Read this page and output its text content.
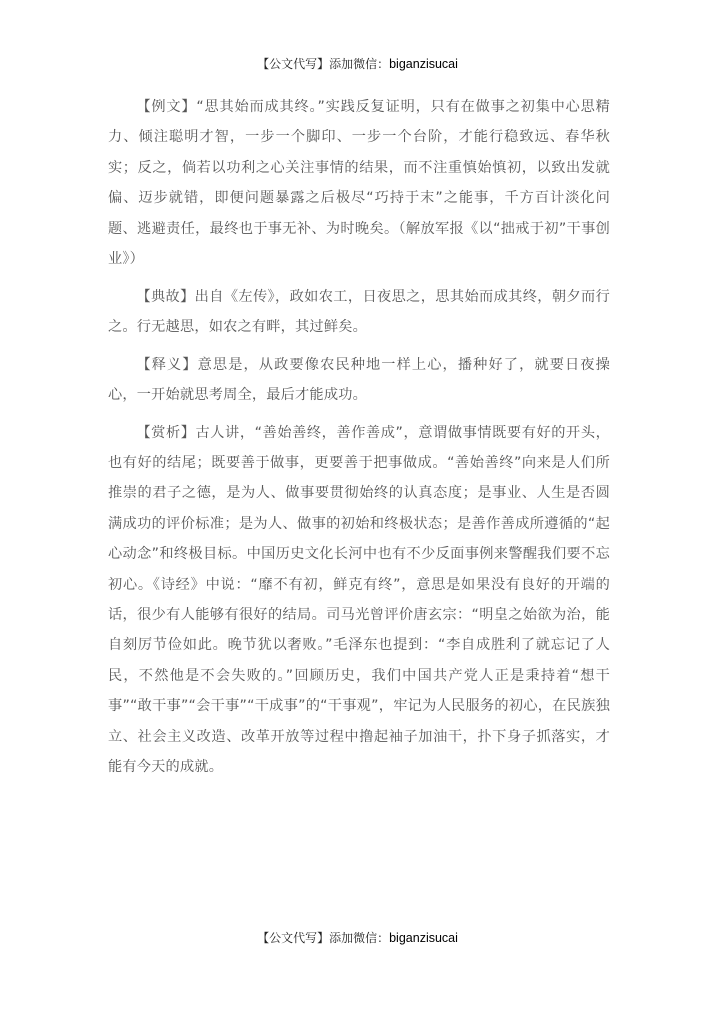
【公文代写】添加微信：biganzisucai

【例文】“思其始而成其终。”实践反复证明，只有在做事之初集中心思精力、倾注聪明才智，一步一个脚印、一步一个台阶，才能行稳致远、春华秋实；反之，倘若以功利之心关注事情的结果，而不注重慎始慎初，以致出发就偏、迈步就错，即便问题暴露之后极尽“巧持于末”之能事，千方百计淡化问题、逃避责任，最终也于事无补、为时晚矣。（解放军报《以“拙戒于初”干事创业》）

【典故】出自《左传》，政如农工，日夜思之，思其始而成其终，朝夕而行之。行无越思，如农之有畔，其过鲜矣。

【释义】意思是，从政要像农民种地一样上心，播种好了，就要日夜操心，一开始就思考周全，最后才能成功。

【赏析】古人讲，“善始善终，善作善成”，意谓做事情既要有好的开头，也有好的结尾；既要善于做事，更要善于把事做成。“善始善终”向来是人们所推崇的君子之德，是为人、做事要贯彻始终的认真态度；是事业、人生是否圆满成功的评价标准；是为人、做事的初始和终极状态；是善作善成所遵循的“起心动念”和终极目标。中国历史文化长河中也有不少反面事例来警醒我们要不忘初心。《诗经》中说：“靡不有初，鲜克有终”，意思是如果没有良好的开端的话，很少有人能够有很好的结局。司马光曾评价唐玄宗：“明皇之始欲为治，能自刻厉节俭如此。晚节犹以奢败。”毛泽东也提到：“李自成胜利了就忘记了人民，不然他是不会失败的。”回顾历史，我们中国共产党人正是秉持着“想干事”“敢干事”“会干事”“干成事”的“干事观”，牢记为人民服务的初心，在民族独立、社会主义改造、改革开放等过程中撸起袖子加油干，扑下身子抓落实，才能有今天的成就。

【公文代写】添加微信：biganzisucai
